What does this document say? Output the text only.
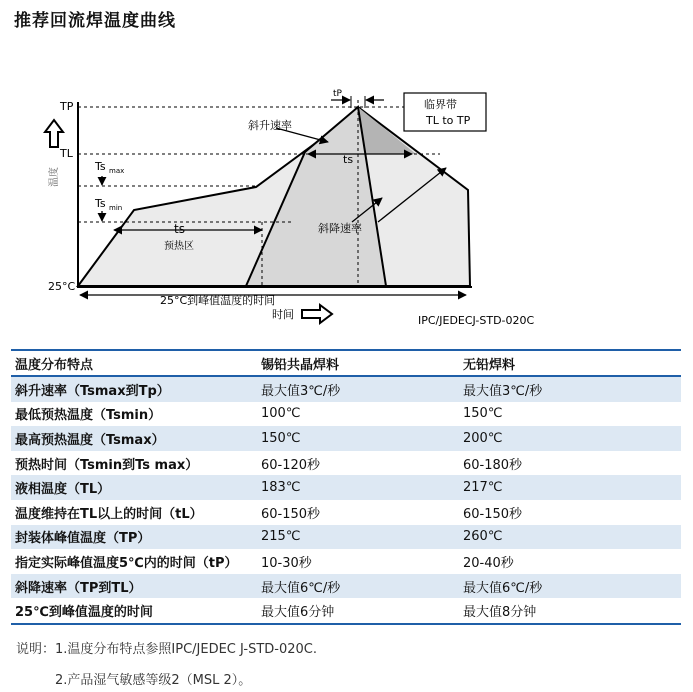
推荐回流焊温度曲线
tP
TP
TL
25°C
Ts max
Ts min
斜升速率
ts
ts
预热区
斜降速率
临界带
TL to TP
25°C到峰值温度的时间
时间	IPC/JEDECJ-STD-020C
温度
温度分布特点	锡铅共晶焊料	无铅焊料
斜升速率（Tsmax到Tp）	最大值3℃/秒	最大值3℃/秒
最低预热温度（Tsmin）	100℃	150℃
最高预热温度（Tsmax）	150℃	200℃
预热时间（Tsmin到Ts max）	60-120秒	60-180秒
液相温度（TL）	183℃	217℃
温度维持在TL以上的时间（tL）	60-150秒	60-150秒
封装体峰值温度（TP）	215℃	260℃
指定实际峰值温度5℃内的时间（tP）	10-30秒	20-40秒
斜降速率（TP到TL）	最大值6℃/秒	最大值6℃/秒
25℃到峰值温度的时间	最大值6分钟	最大值8分钟
说明：1.温度分布特点参照IPC/JEDEC J-STD-020C.
2.产品湿气敏感等级2（MSL 2）。
